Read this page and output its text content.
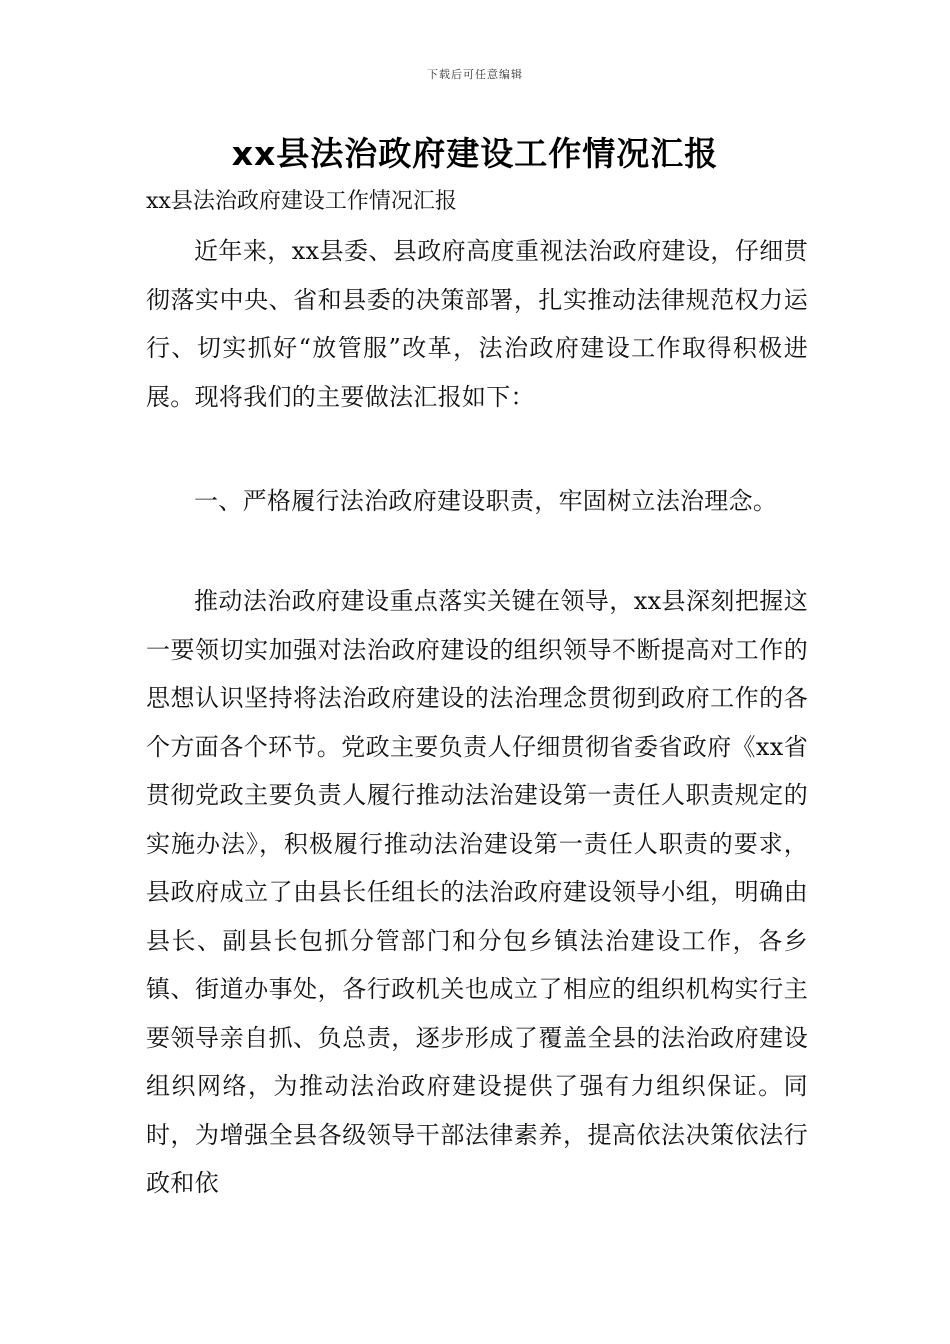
下载后可任意编辑
xx县法治政府建设工作情况汇报
xx县法治政府建设工作情况汇报

近年来，xx县委、县政府高度重视法治政府建设，仔细贯彻落实中央、省和县委的决策部署，扎实推动法律规范权力运行、切实抓好“放管服”改革，法治政府建设工作取得积极进展。现将我们的主要做法汇报如下：

一、严格履行法治政府建设职责，牢固树立法治理念。

推动法治政府建设重点落实关键在领导，xx县深刻把握这一要领切实加强对法治政府建设的组织领导不断提高对工作的思想认识坚持将法治政府建设的法治理念贯彻到政府工作的各个方面各个环节。党政主要负责人仔细贯彻省委省政府《xx省贯彻党政主要负责人履行推动法治建设第一责任人职责规定的实施办法》，积极履行推动法治建设第一责任人职责的要求，县政府成立了由县长任组长的法治政府建设领导小组，明确由县长、副县长包抓分管部门和分包乡镇法治建设工作，各乡镇、街道办事处，各行政机关也成立了相应的组织机构实行主要领导亲自抓、负总责，逐步形成了覆盖全县的法治政府建设组织网络，为推动法治政府建设提供了强有力组织保证。同时，为增强全县各级领导干部法律素养，提高依法决策依法行政和依
